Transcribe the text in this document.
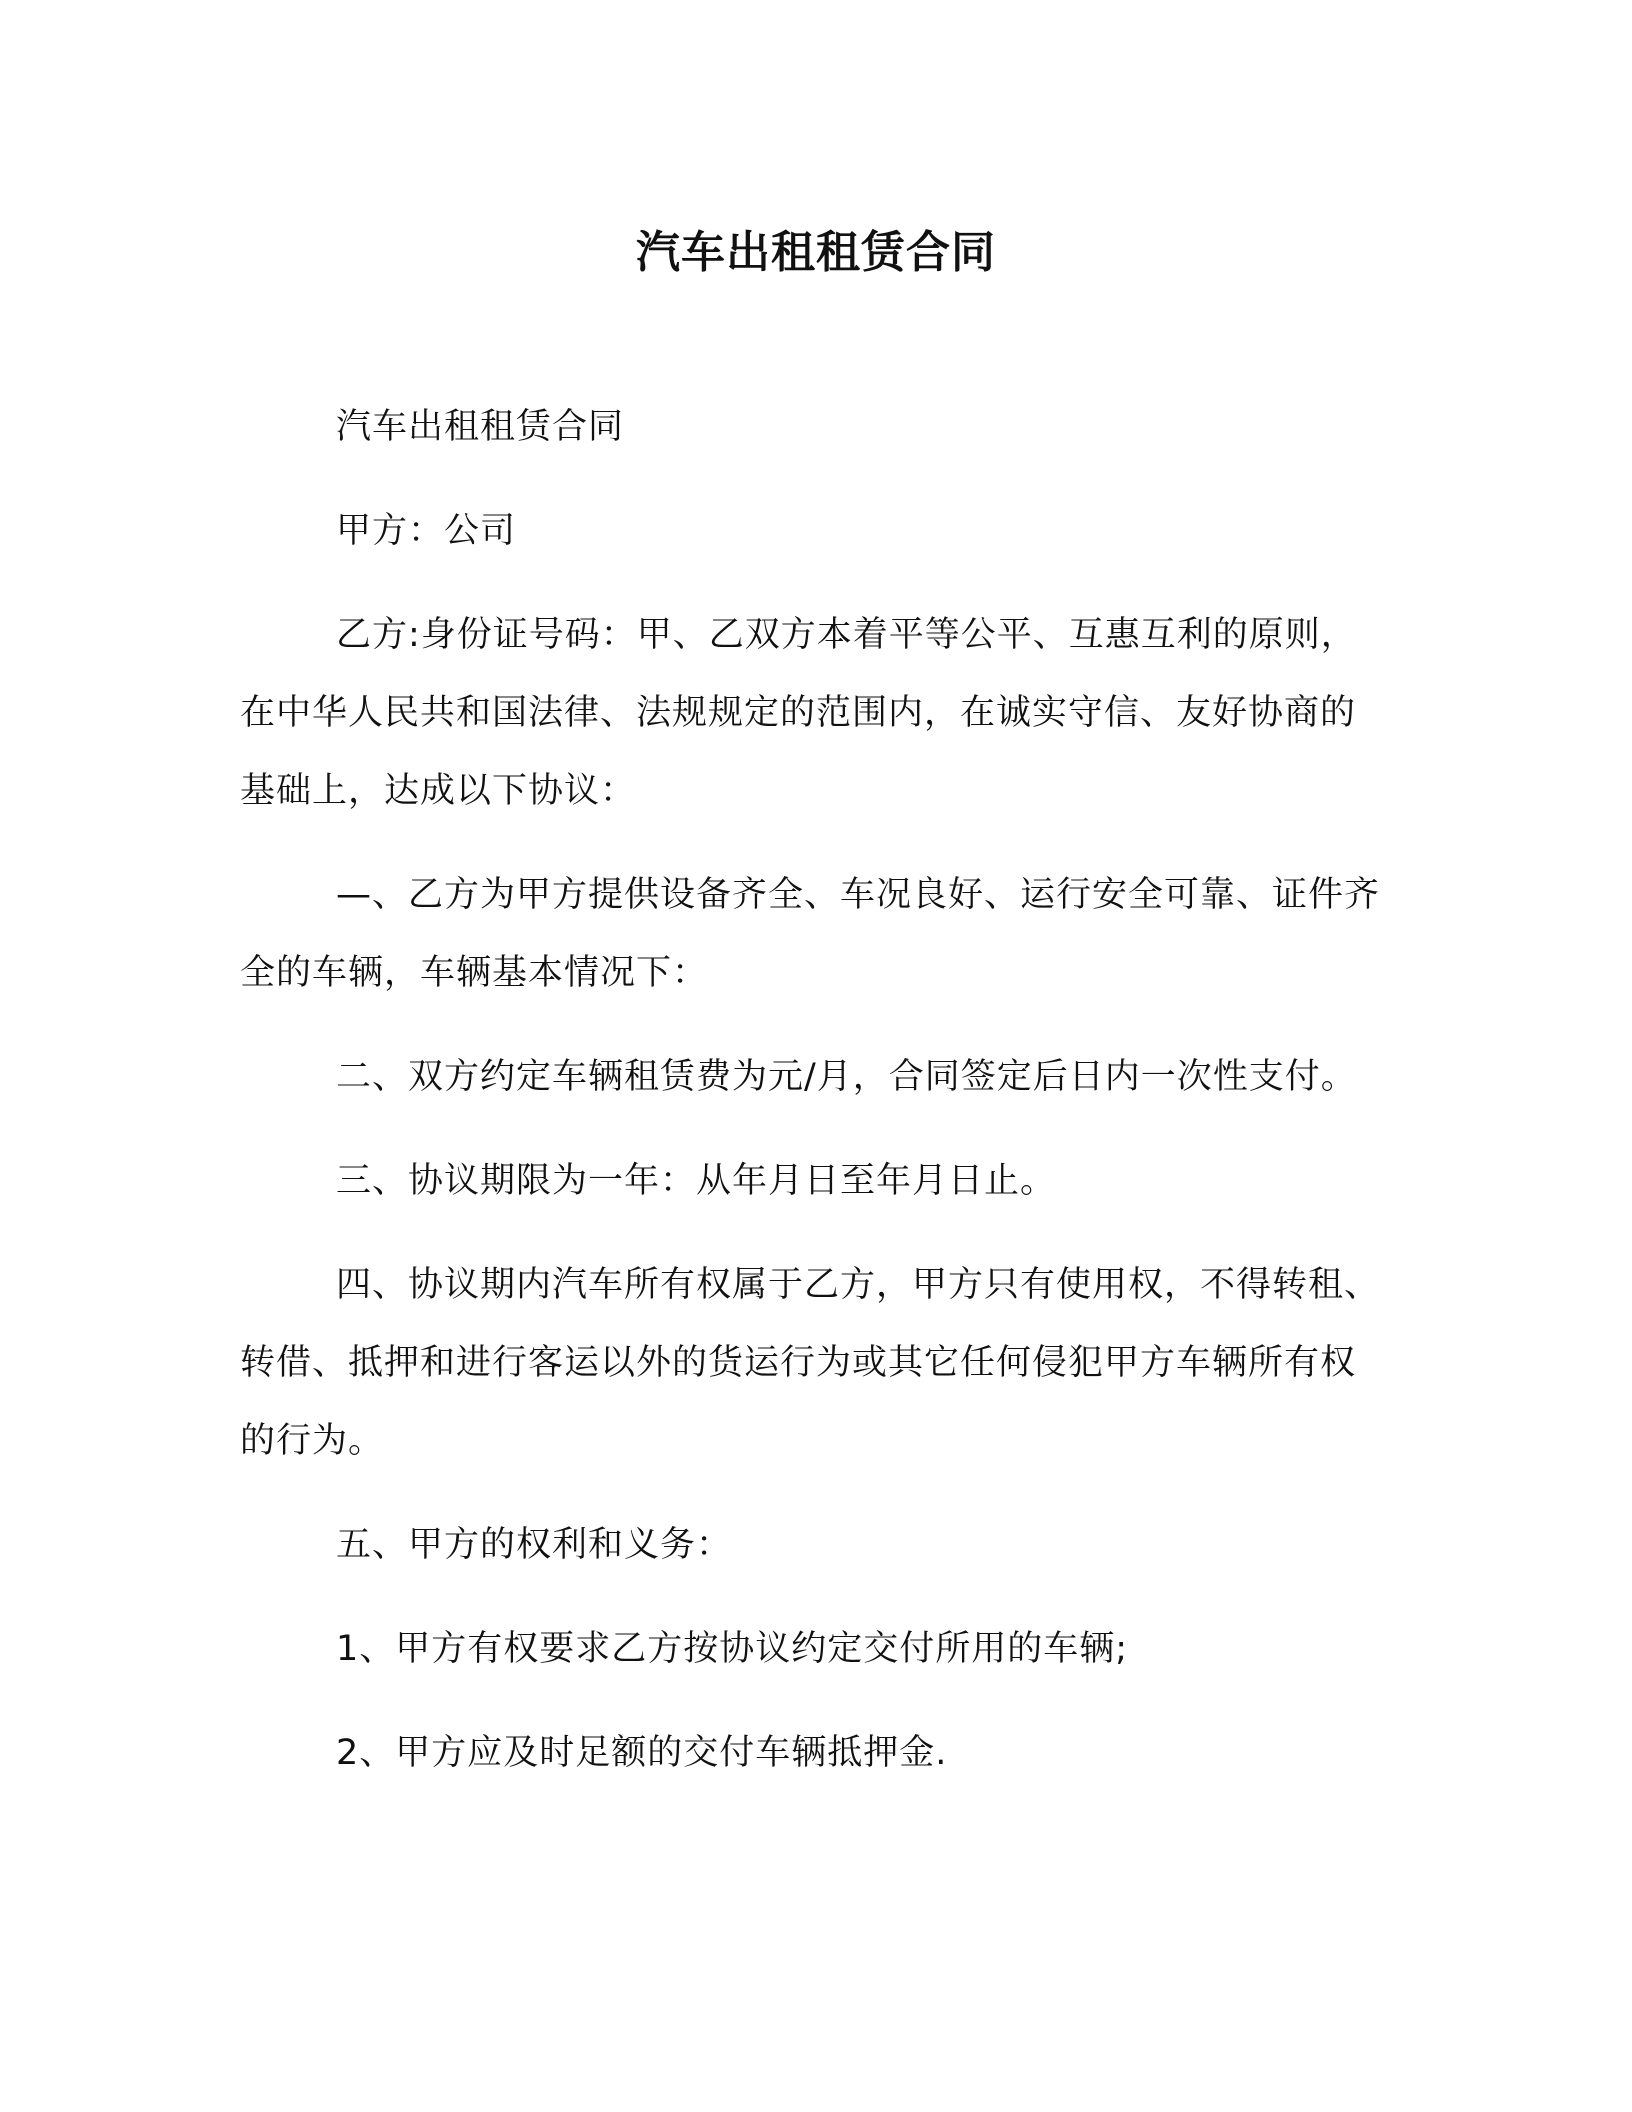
汽车出租租赁合同

汽车出租租赁合同

甲方：公司

乙方:身份证号码：甲、乙双方本着平等公平、互惠互利的原则，在中华人民共和国法律、法规规定的范围内，在诚实守信、友好协商的基础上，达成以下协议：

—、乙方为甲方提供设备齐全、车况良好、运行安全可靠、证件齐全的车辆，车辆基本情况下：

二、双方约定车辆租赁费为元/月，合同签定后日内一次性支付。

三、协议期限为一年：从年月日至年月日止。

四、协议期内汽车所有权属于乙方，甲方只有使用权，不得转租、转借、抵押和进行客运以外的货运行为或其它任何侵犯甲方车辆所有权的行为。

五、甲方的权利和义务：

1、甲方有权要求乙方按协议约定交付所用的车辆;

2、甲方应及时足额的交付车辆抵押金.
